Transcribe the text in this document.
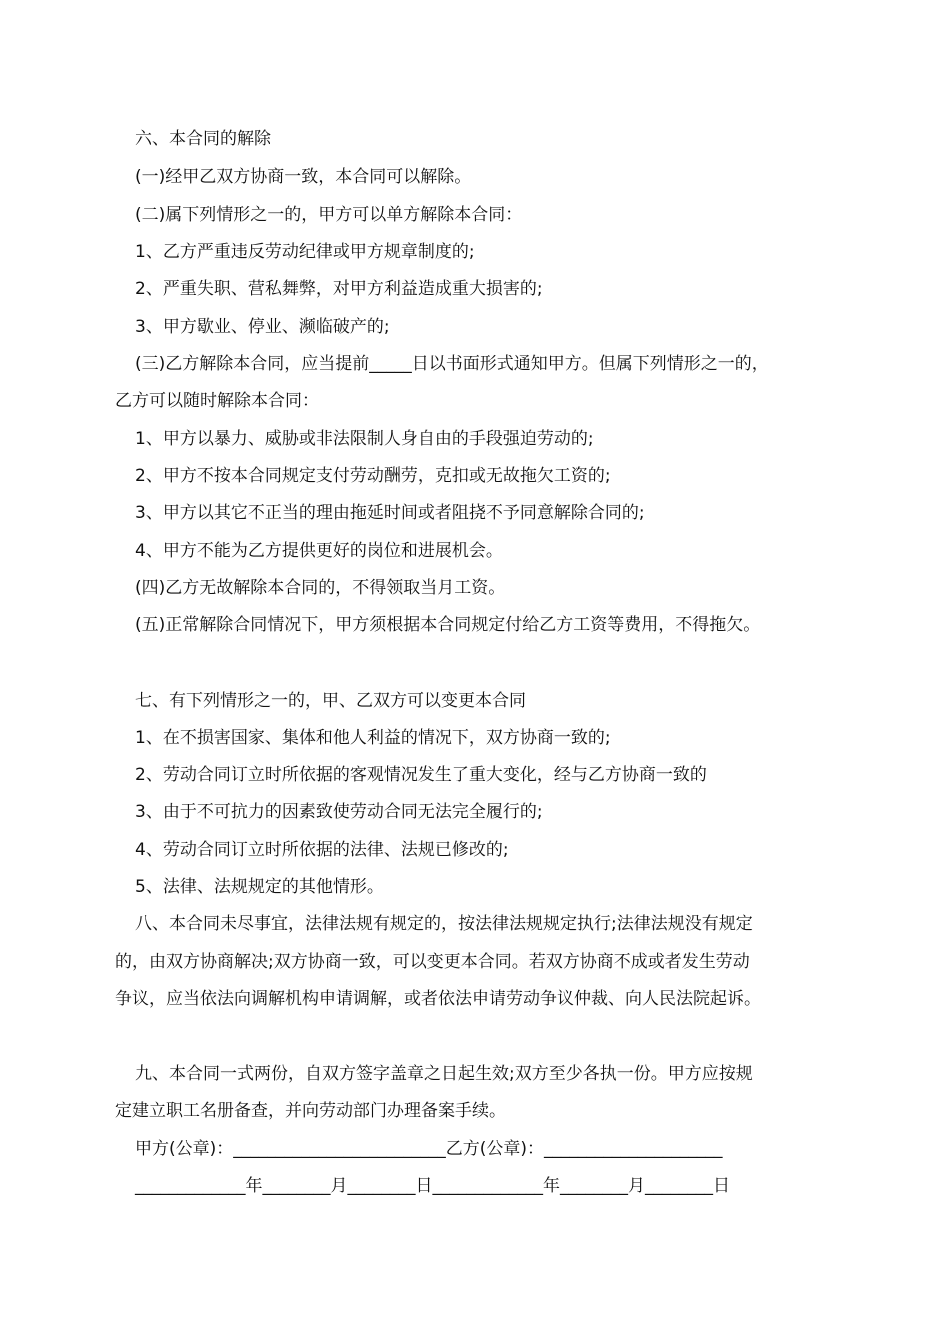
六、本合同的解除
(一)经甲乙双方协商一致，本合同可以解除。
(二)属下列情形之一的，甲方可以单方解除本合同：
1、乙方严重违反劳动纪律或甲方规章制度的;
2、严重失职、营私舞弊，对甲方利益造成重大损害的;
3、甲方歇业、停业、濒临破产的;
(三)乙方解除本合同，应当提前_____日以书面形式通知甲方。但属下列情形之一的，
乙方可以随时解除本合同：
1、甲方以暴力、威胁或非法限制人身自由的手段强迫劳动的;
2、甲方不按本合同规定支付劳动酬劳，克扣或无故拖欠工资的;
3、甲方以其它不正当的理由拖延时间或者阻挠不予同意解除合同的;
4、甲方不能为乙方提供更好的岗位和进展机会。
(四)乙方无故解除本合同的，不得领取当月工资。
(五)正常解除合同情况下，甲方须根据本合同规定付给乙方工资等费用，不得拖欠。
七、有下列情形之一的，甲、乙双方可以变更本合同
1、在不损害国家、集体和他人利益的情况下，双方协商一致的;
2、劳动合同订立时所依据的客观情况发生了重大变化，经与乙方协商一致的
3、由于不可抗力的因素致使劳动合同无法完全履行的;
4、劳动合同订立时所依据的法律、法规已修改的;
5、法律、法规规定的其他情形。
八、本合同未尽事宜，法律法规有规定的，按法律法规规定执行;法律法规没有规定
的，由双方协商解决;双方协商一致，可以变更本合同。若双方协商不成或者发生劳动
争议，应当依法向调解机构申请调解，或者依法申请劳动争议仲裁、向人民法院起诉。
九、本合同一式两份，自双方签字盖章之日起生效;双方至少各执一份。甲方应按规
定建立职工名册备查，并向劳动部门办理备案手续。
甲方(公章)：_________________________乙方(公章)：_____________________
_____________年________月________日_____________年________月________日
